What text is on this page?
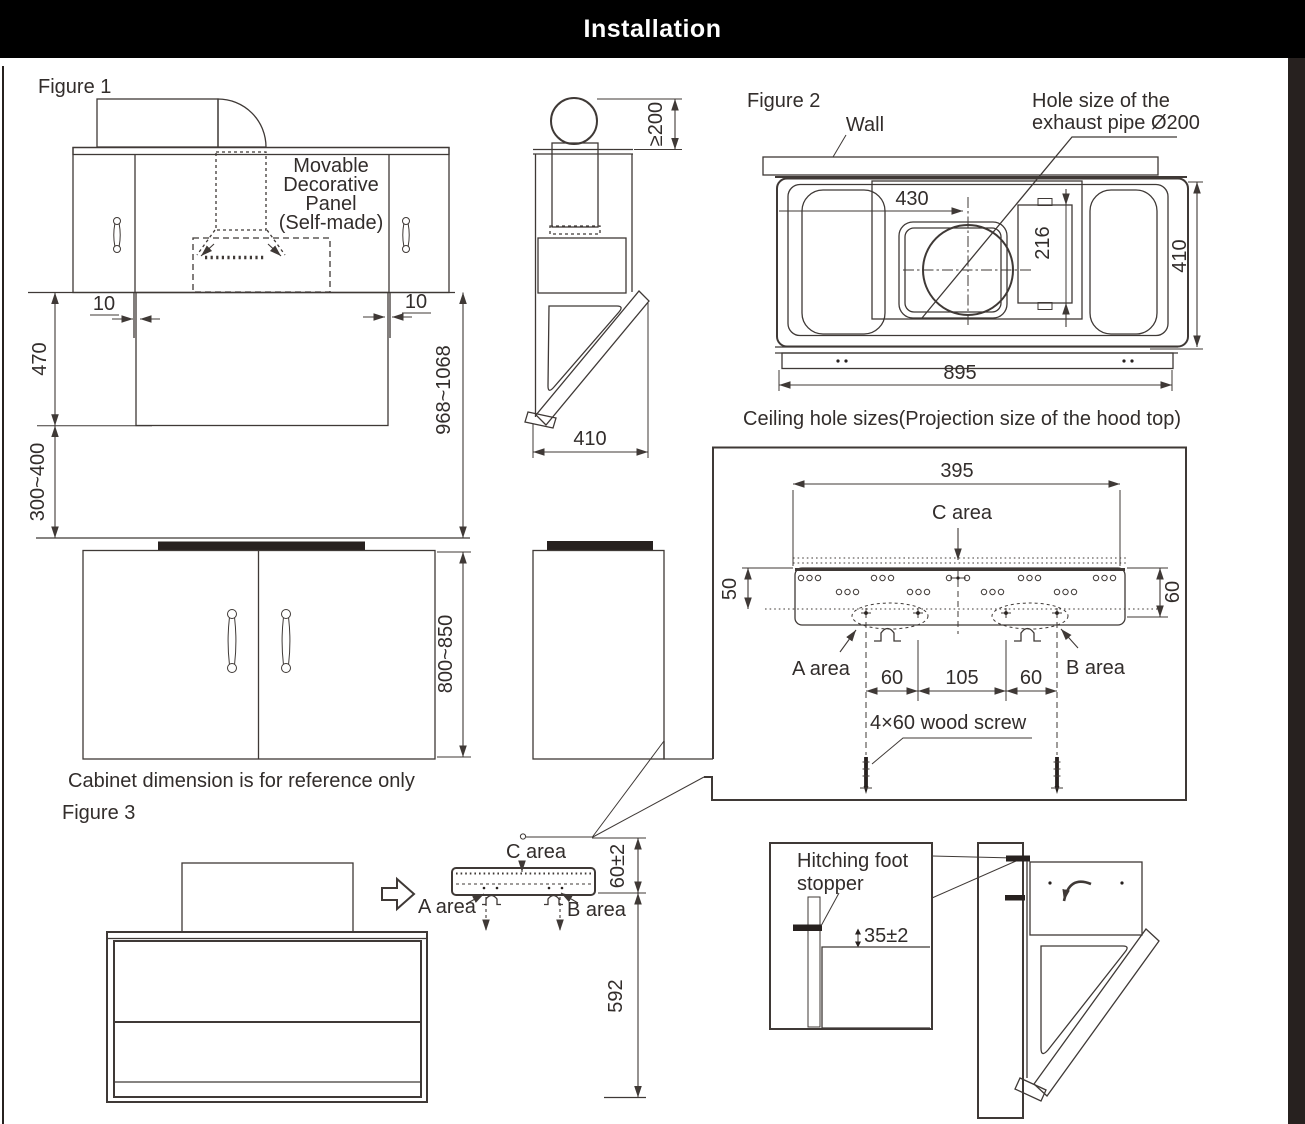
Installation
Figure 1
Movable
Decorative
Panel
(Self-made)
10	10
470
300~400
968~1068
800~850
Cabinet dimension is for reference only
Figure 3
≥200
410
Figure 2
Wall
Hole size of the
exhaust pipe Ø200
216
430
410
895
Ceiling hole sizes(Projection size of the hood top)
395
C area
50	60
60 105 60
A area	B area
4×60 wood screw
A area
C area
B area
60±2
592
Hitching foot
stopper
35±2
